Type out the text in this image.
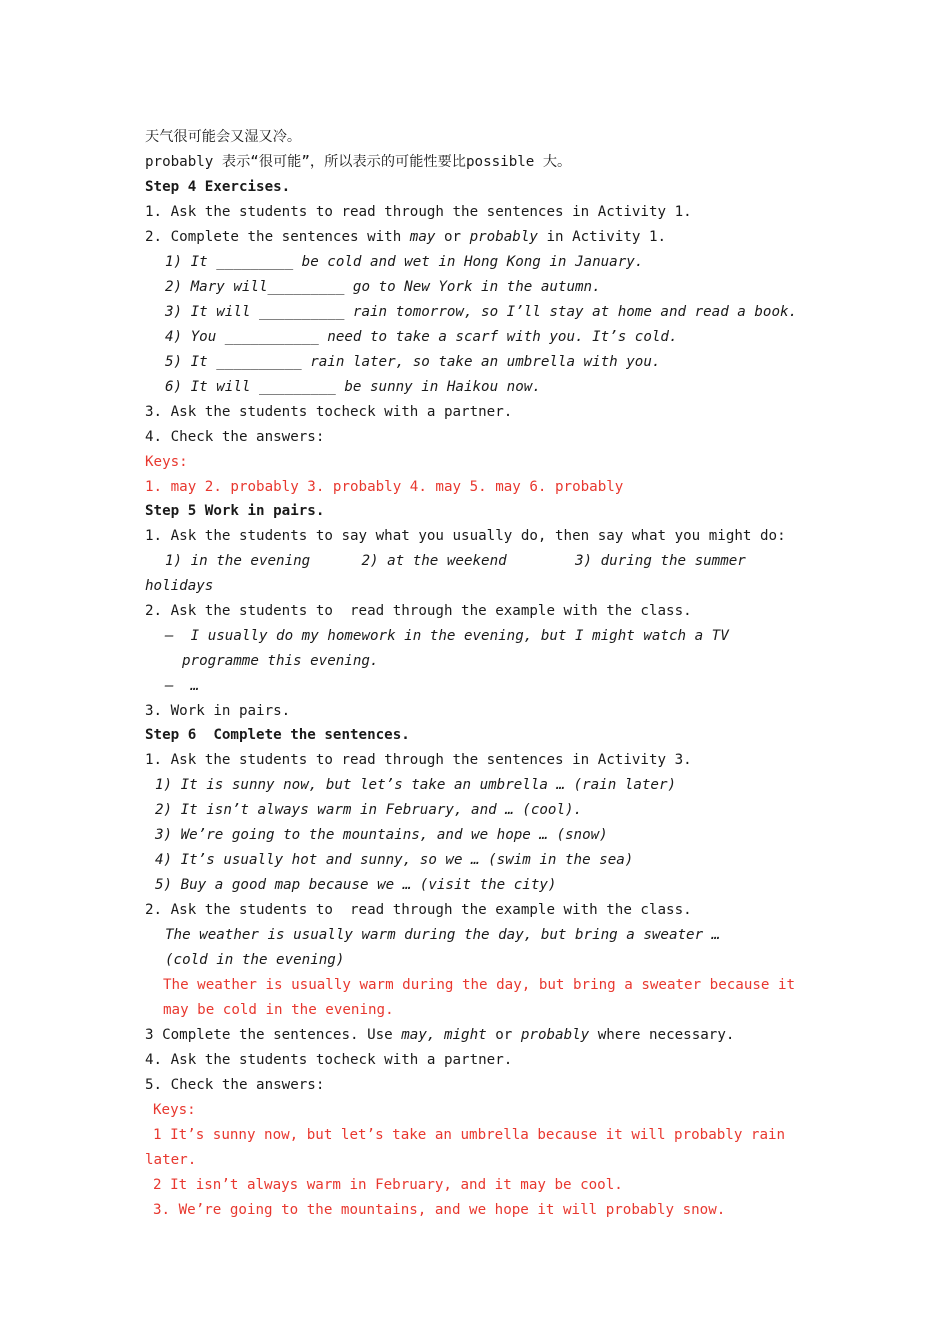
天气很可能会又湿又冷。
probably 表示“很可能”，所以表示的可能性要比possible 大。
Step 4 Exercises.
1. Ask the students to read through the sentences in Activity 1.
2. Complete the sentences with may or probably in Activity 1.
1) It _________ be cold and wet in Hong Kong in January.
2) Mary will_________ go to New York in the autumn.
3) It will __________ rain tomorrow, so I’ll stay at home and read a book.
4) You ___________ need to take a scarf with you. It’s cold.
5) It __________ rain later, so take an umbrella with you.
6) It will _________ be sunny in Haikou now.
3. Ask the students tocheck with a partner.
4. Check the answers:
Keys:
1. may 2. probably 3. probably 4. may 5. may 6. probably
Step 5 Work in pairs.
1. Ask the students to say what you usually do, then say what you might do:
1) in the evening      2) at the weekend        3) during the summer
holidays
2. Ask the students to  read through the example with the class.
—  I usually do my homework in the evening, but I might watch a TV
programme this evening.
—  …
3. Work in pairs.
Step 6  Complete the sentences.
1. Ask the students to read through the sentences in Activity 3.
1) It is sunny now, but let’s take an umbrella … (rain later)
2) It isn’t always warm in February, and … (cool).
3) We’re going to the mountains, and we hope … (snow)
4) It’s usually hot and sunny, so we … (swim in the sea)
5) Buy a good map because we … (visit the city)
2. Ask the students to  read through the example with the class.
The weather is usually warm during the day, but bring a sweater …
(cold in the evening)
The weather is usually warm during the day, but bring a sweater because it
may be cold in the evening.
3 Complete the sentences. Use may, might or probably where necessary.
4. Ask the students tocheck with a partner.
5. Check the answers:
Keys:
1 It’s sunny now, but let’s take an umbrella because it will probably rain
later.
2 It isn’t always warm in February, and it may be cool.
3. We’re going to the mountains, and we hope it will probably snow.
